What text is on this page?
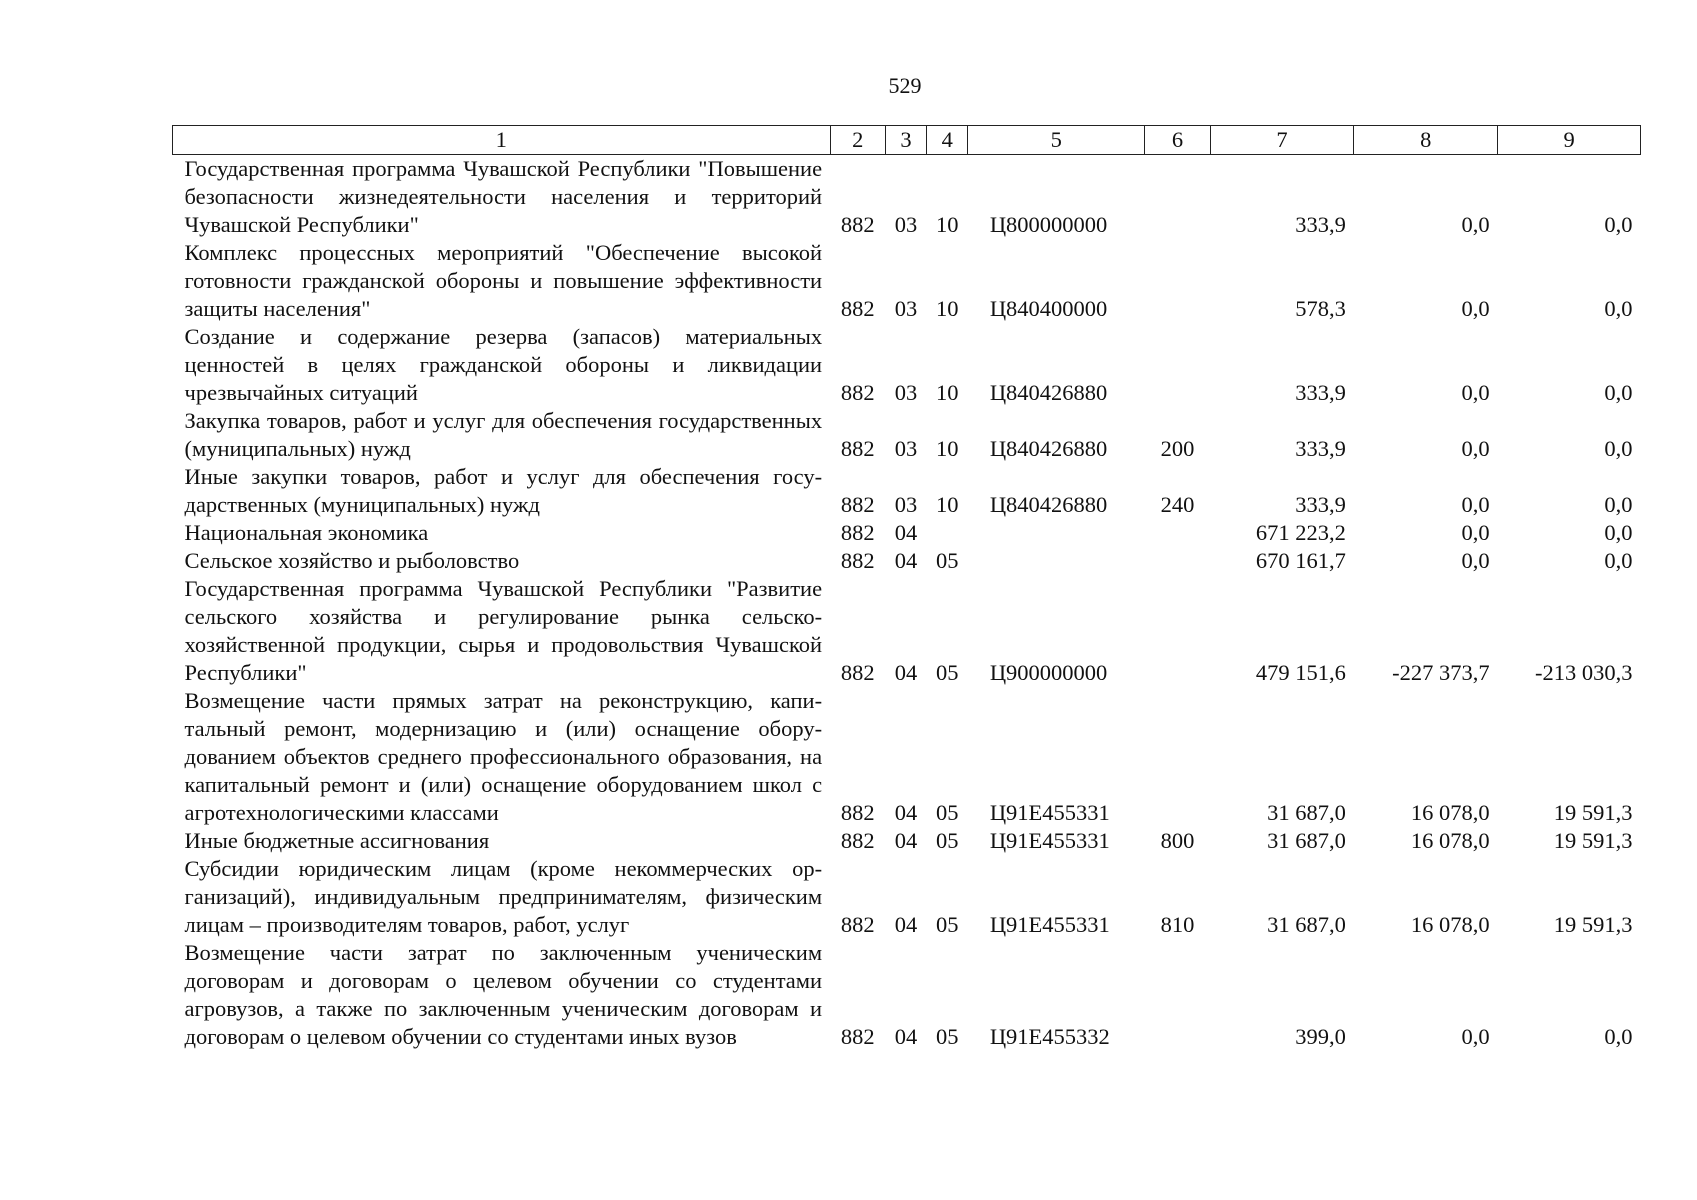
529
1	2	3	4	5	6	7	8	9
Государственная программа Чувашской Республики "Повышение безопасности жизнедеятельности населения и территорий Чувашской Республики"	882	03	10	Ц800000000		333,9	0,0	0,0
Комплекс процессных мероприятий "Обеспечение высокой готовности гражданской обороны и повышение эффективности защиты населения"	882	03	10	Ц840400000		578,3	0,0	0,0
Создание и содержание резерва (запасов) материальных ценностей в целях гражданской обороны и ликвидации чрезвычайных ситуаций	882	03	10	Ц840426880		333,9	0,0	0,0
Закупка товаров, работ и услуг для обеспечения государственных (муниципальных) нужд	882	03	10	Ц840426880	200	333,9	0,0	0,0
Иные закупки товаров, работ и услуг для обеспечения государственных (муниципальных) нужд	882	03	10	Ц840426880	240	333,9	0,0	0,0
Национальная экономика	882	04				671 223,2	0,0	0,0
Сельское хозяйство и рыболовство	882	04	05			670 161,7	0,0	0,0
Государственная программа Чувашской Республики "Развитие сельского хозяйства и регулирование рынка сельскохозяйственной продукции, сырья и продовольствия Чувашской Республики"	882	04	05	Ц900000000		479 151,6	-227 373,7	-213 030,3
Возмещение части прямых затрат на реконструкцию, капитальный ремонт, модернизацию и (или) оснащение оборудованием объектов среднего профессионального образования, на капитальный ремонт и (или) оснащение оборудованием школ с агротехнологическими классами	882	04	05	Ц91Е455331		31 687,0	16 078,0	19 591,3
Иные бюджетные ассигнования	882	04	05	Ц91Е455331	800	31 687,0	16 078,0	19 591,3
Субсидии юридическим лицам (кроме некоммерческих организаций), индивидуальным предпринимателям, физическим лицам – производителям товаров, работ, услуг	882	04	05	Ц91Е455331	810	31 687,0	16 078,0	19 591,3
Возмещение части затрат по заключенным ученическим договорам и договорам о целевом обучении со студентами агровузов, а также по заключенным ученическим договорам и договорам о целевом обучении со студентами иных вузов	882	04	05	Ц91Е455332		399,0	0,0	0,0
